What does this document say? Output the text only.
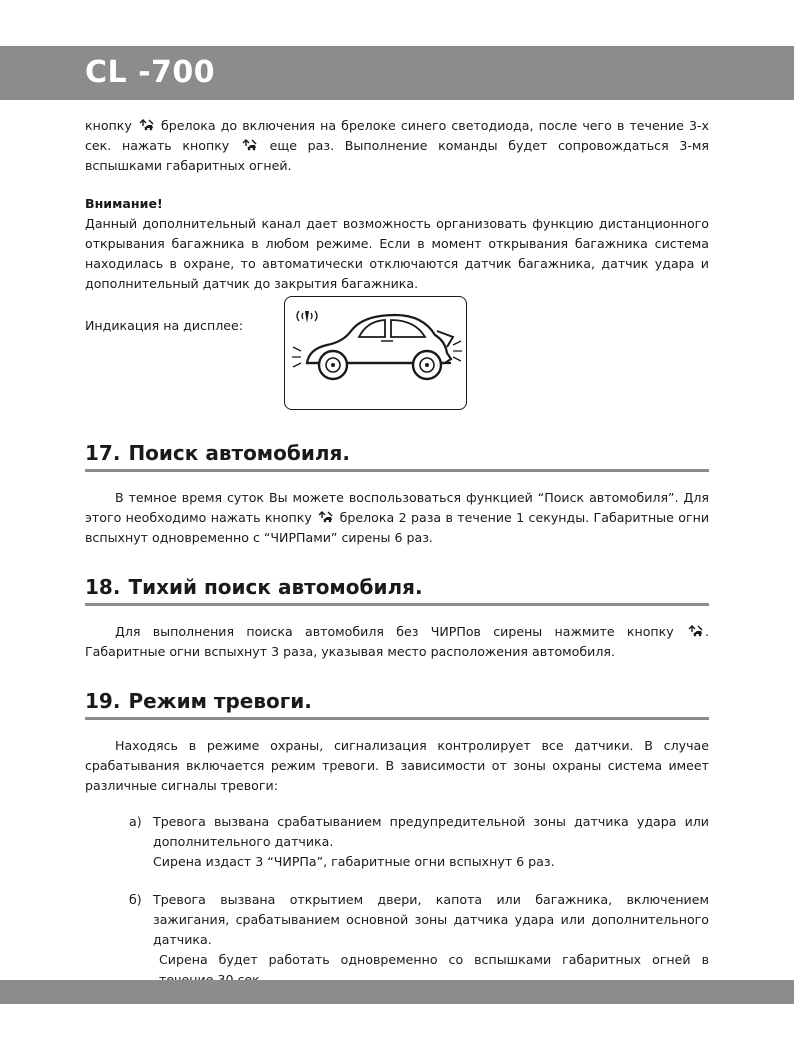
CL -700

кнопку брелока до включения на брелоке синего светодиода, после чего в течение 3-х сек. нажать кнопку	еще раз. Выполнение команды будет сопровождаться 3-мя вспышками габаритных огней.

Внимание!

Данный дополнительный канал дает возможность организовать функцию дистанционного открывания багажника в любом режиме. Если в момент открывания багажника система находилась в охране, то автоматически отключаются датчик багажника, датчик удара и дополнительный датчик до закрытия багажника.

Индикация на дисплее:
17. Поиск автомобиля.

В темное время суток Вы можете воспользоваться функцией “Поиск автомобиля”. Для этого необходимо нажать кнопку брелока 2 раза в течение 1 секунды. Габаритные огни вспыхнут одновременно с “ЧИРПами” сирены 6 раз.

18. Тихий поиск автомобиля.

Для выполнения поиска автомобиля без ЧИРПов сирены нажмите кнопку . Габаритные огни вспыхнут 3 раза, указывая место расположения автомобиля.

19. Режим тревоги.

Находясь в режиме охраны, сигнализация контролирует все датчики. В случае срабатывания включается режим тревоги. В зависимости от зоны охраны система имеет различные сигналы тревоги:

а) Тревога вызвана срабатыванием предупредительной зоны датчика удара или дополнительного датчика.

Сирена издаст 3 “ЧИРПа”, габаритные огни вспыхнут 6 раз.

б) Тревога вызвана открытием двери, капота или багажника, включением зажигания, срабатыванием основной зоны датчика удара или дополнительного датчика.

Сирена будет работать одновременно со вспышками габаритных огней в
